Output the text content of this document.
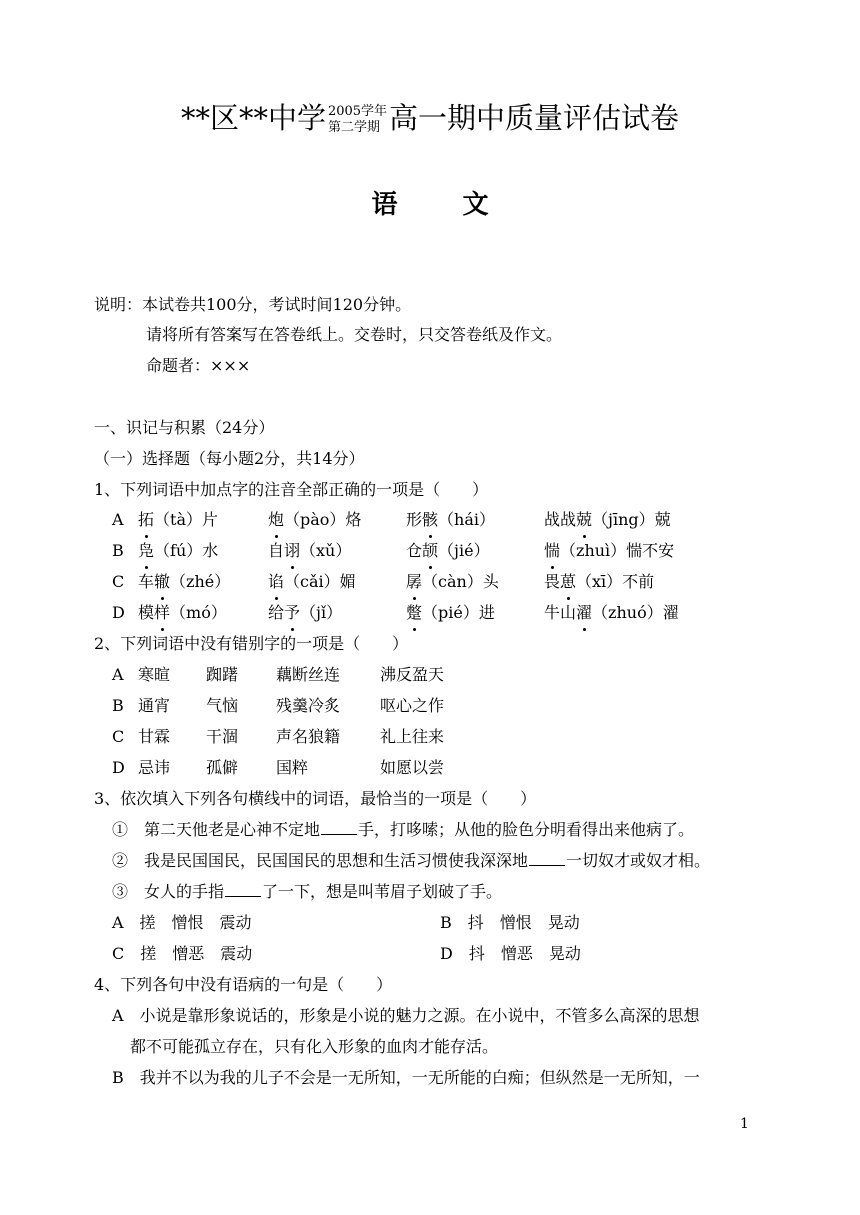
**区**中学 2005学年
第二学期 高一期中质量评估试卷
语 文
说明：本试卷共100分，考试时间120分钟。
请将所有答案写在答卷纸上。交卷时，只交答卷纸及作文。
命题者：×××
一、识记与积累（24分）
（一）选择题（每小题2分，共14分）
1、下列词语中加点字的注音全部正确的一项是（　　）
A 拓（tà）片	炮（pào）烙	形骸（hái）	战战兢（jīng）兢
B 凫（fú）水	自诩（xǔ）	仓颉（jié）	惴（zhuì）惴不安
C 车辙（zhé） 谄（cǎi）媚	孱（càn）头	畏葸（xī）不前
D 模样（mó）	给予（jǐ）	蹩（pié）进	牛山濯（zhuó）濯
2、下列词语中没有错别字的一项是（　　）
A 寒暄 踟躇 藕断丝连 沸反盈天
B 通宵 气恼 残羹冷炙 呕心之作
C 甘霖 干涸 声名狼籍 礼上往来
D 忌讳 孤僻 国粹	如愿以尝
3、依次填入下列各句横线中的词语，最恰当的一项是（　　）
①　第二天他老是心神不定地 手，打哆嗦；从他的脸色分明看得出来他病了。
②　我是民国国民，民国国民的思想和生活习惯使我深深地 一切奴才或奴才相。
③　女人的手指 了一下，想是叫苇眉子划破了手。
A　搓　憎恨　震动	B　抖　憎恨　晃动
C　搓　憎恶　震动	D　抖　憎恶　晃动
4、下列各句中没有语病的一句是（　　）
A　小说是靠形象说话的，形象是小说的魅力之源。在小说中，不管多么高深的思想
都不可能孤立存在，只有化入形象的血肉才能存活。
B　我并不以为我的儿子不会是一无所知，一无所能的白痴；但纵然是一无所知，一
1
